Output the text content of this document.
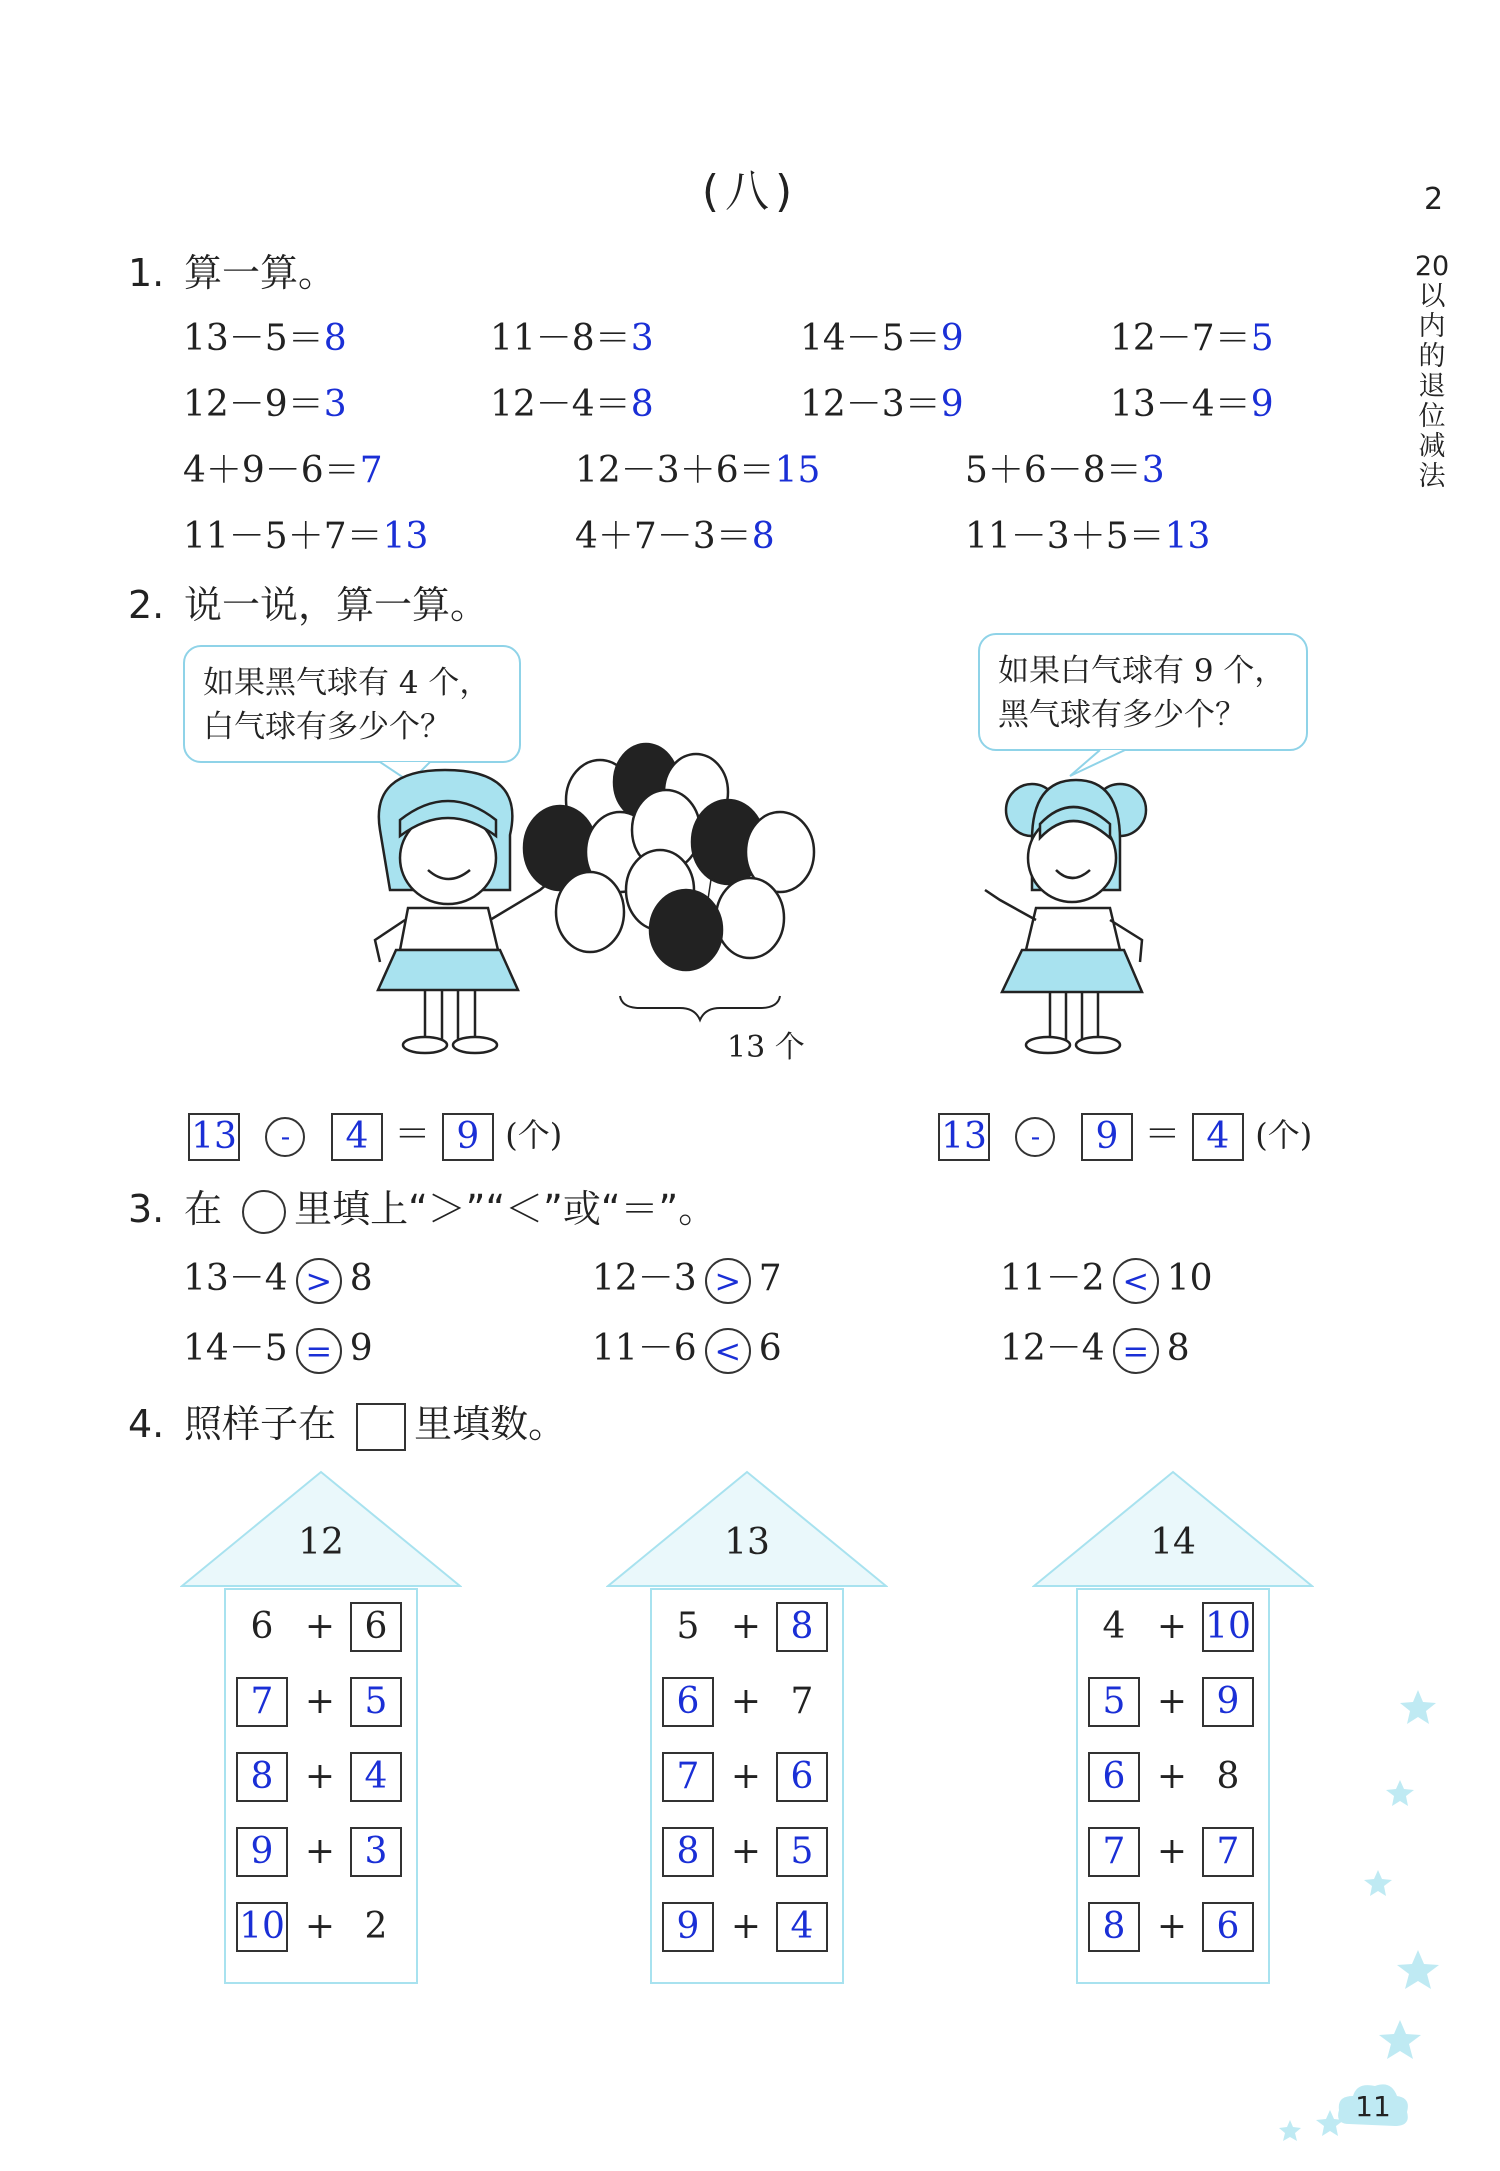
(八)	2
20以内的退位减法
1. 算一算。
13－5＝8	11－8＝3	14－5＝9	12－7＝5
12－9＝3	12－4＝8	12－3＝9	13－4＝9
4＋9－6＝7	12－3＋6＝15	5＋6－8＝3
11－5＋7＝13	4＋7－3＝8	11－3＋5＝13
2. 说一说，算一算。
如果黑气球有 4 个，
白气球有多少个？
如果白气球有 9 个，
黑气球有多少个？
13 个
13 - 4 ＝ 9 (个)	13 - 9 ＝ 4 (个)
3. 在 里填上“＞”“＜”或“＝”。
13－4 > 8	12－3 > 7	11－2 < 10
14－5 = 9	11－6 < 6	12－4 = 8
4. 照样子在 里填数。
12
6 + 6
7 + 5
8 + 4
9 + 3
10 + 2
13
5 + 8
6 + 7
7 + 6
8 + 5
9 + 4
14
4 + 10
5 + 9
6 + 8
7 + 7
8 + 6
11
